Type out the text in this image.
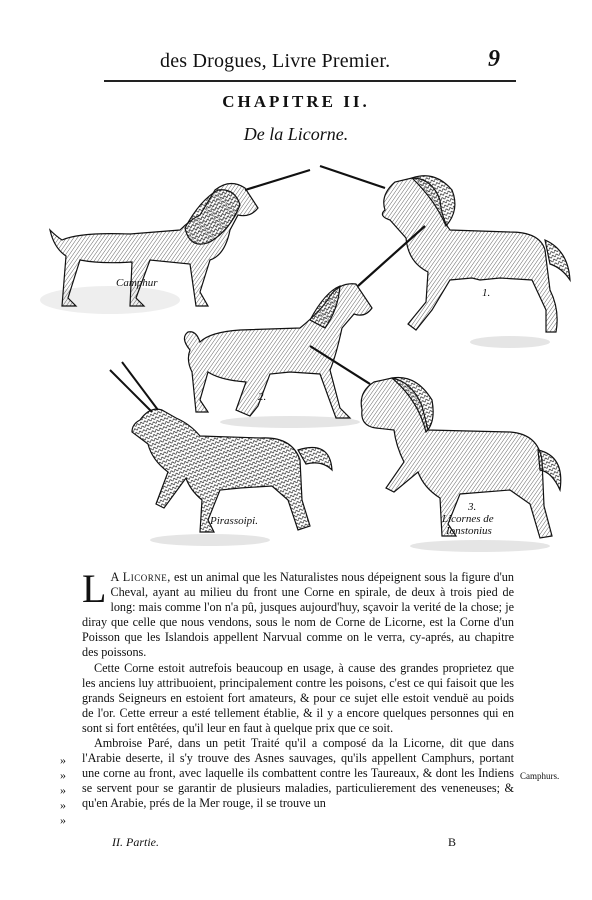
des Drogues, Livre Premier.	9
CHAPITRE II.
De la Licorne.
Camphur
1.
2.
Pirassoipi.
3.
Licornes de
Ionstonius

L A Licorne, est un animal que les Naturalistes nous dépeignent sous la figure d'un Cheval, ayant au milieu du front une Corne en spirale, de deux à trois pied de long: mais comme l'on n'a pû, jusques aujourd'huy, sçavoir la verité de la chose; je diray que celle que nous vendons, sous le nom de Corne de Licorne, est la Corne d'un Poisson que les Islandois appellent Narvual comme on le verra, cy-aprés, au chapitre des poissons.

Cette Corne estoit autrefois beaucoup en usage, à cause des grandes proprietez que les anciens luy attribuoient, principalement contre les poisons, c'est ce qui faisoit que les grands Seigneurs en estoient fort amateurs, & pour ce sujet elle estoit venduë au poids de l'or. Cette erreur a esté tellement établie, & il y a encore quelques personnes qui en sont si fort entêtées, qu'il leur en faut à quelque prix que ce soit.

Ambroise Paré, dans un petit Traité qu'il a composé da la Licorne, dit que dans l'Arabie deserte, il s'y trouve des Asnes sauvages, qu'ils appellent Camphurs, portant une corne au front, avec laquelle ils combattent contre les Taureaux, & dont les Indiens se servent pour se garantir de plusieurs maladies, particulierement des veneneuses; & qu'en Arabie, prés de la Mer rouge, il se trouve un

»
»
»
»
»
Camphurs.
II. Partie.	B
